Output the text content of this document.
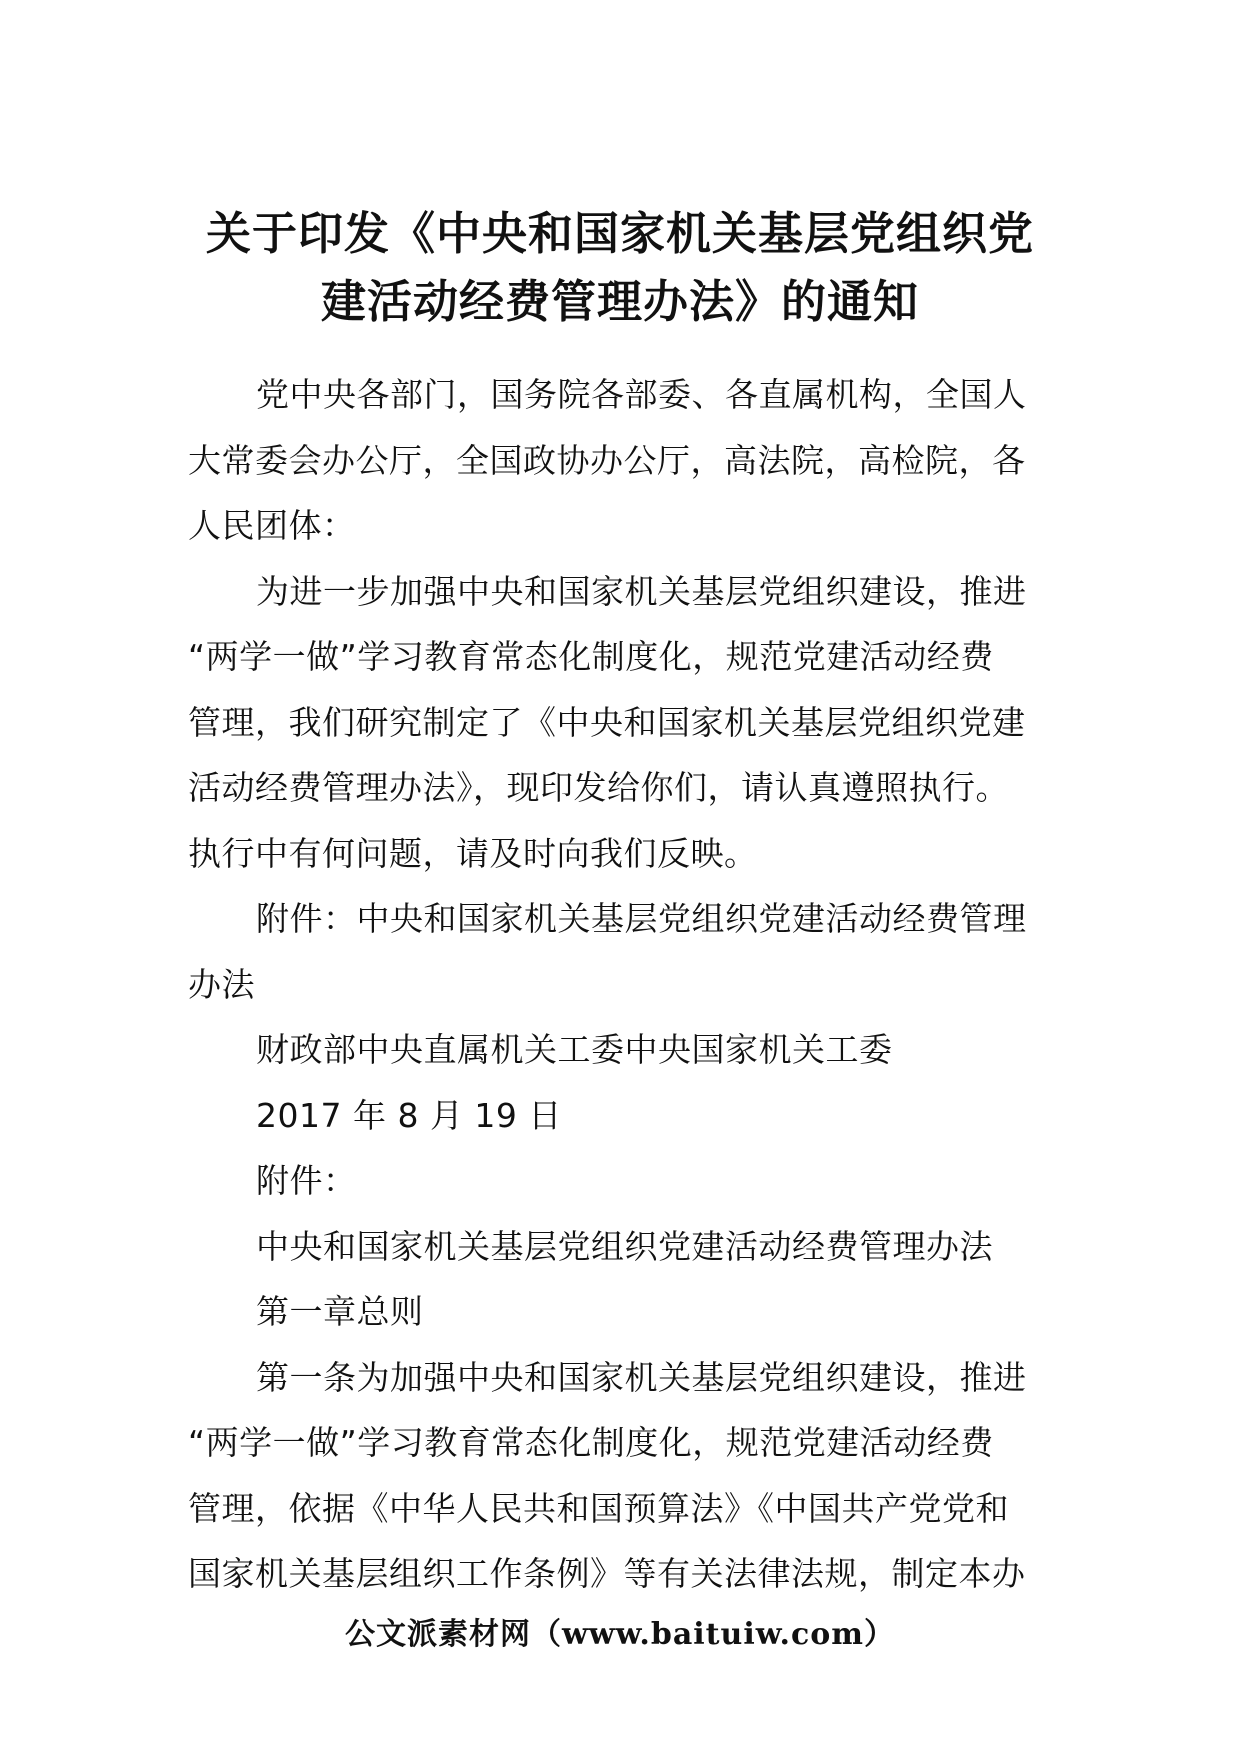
关于印发《中央和国家机关基层党组织党
建活动经费管理办法》的通知

党中央各部门，国务院各部委、各直属机构，全国人
大常委会办公厅，全国政协办公厅，高法院，高检院，各
人民团体：

为进一步加强中央和国家机关基层党组织建设，推进
“两学一做”学习教育常态化制度化，规范党建活动经费
管理，我们研究制定了《中央和国家机关基层党组织党建
活动经费管理办法》，现印发给你们，请认真遵照执行。
执行中有何问题，请及时向我们反映。

附件：中央和国家机关基层党组织党建活动经费管理
办法

财政部中央直属机关工委中央国家机关工委

2017 年 8 月 19 日

附件：

中央和国家机关基层党组织党建活动经费管理办法

第一章总则

第一条为加强中央和国家机关基层党组织建设，推进
“两学一做”学习教育常态化制度化，规范党建活动经费
管理，依据《中华人民共和国预算法》《中国共产党党和
国家机关基层组织工作条例》等有关法律法规，制定本办

公文派素材网（www.baituiw.com）
